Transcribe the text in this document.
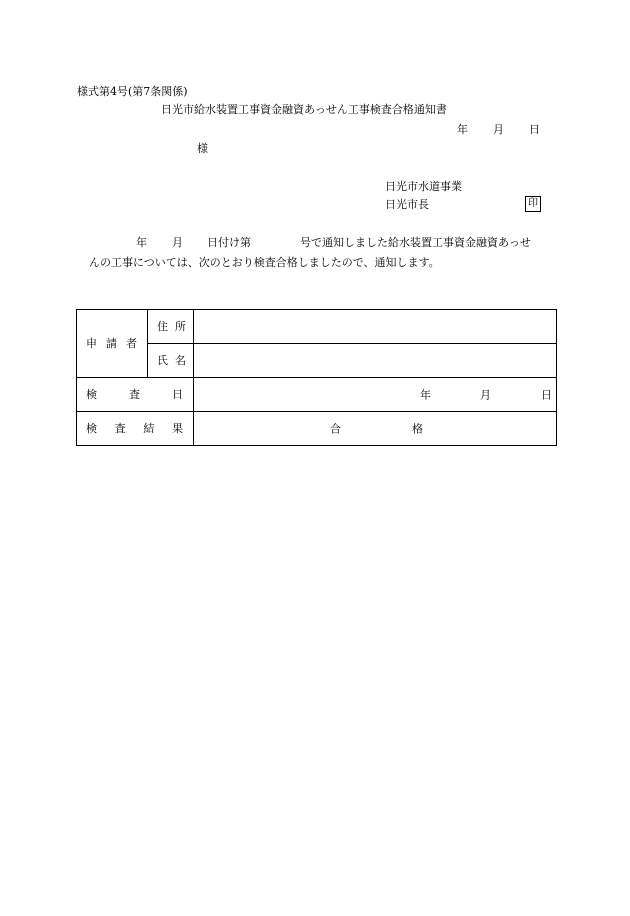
様式第4号(第7条関係)
日光市給水装置工事資金融資あっせん工事検査合格通知書
年 月 日
様
日光市水道事業
日光市長	印
年 月 日付け第	号で通知しました給水装置工事資金融資あっせ
んの工事については、次のとおり検査合格しましたので、通知します。
申 請 者	住 所	

	氏 名	

検 査 日		年 月 日

検 査 結 果		合 格
